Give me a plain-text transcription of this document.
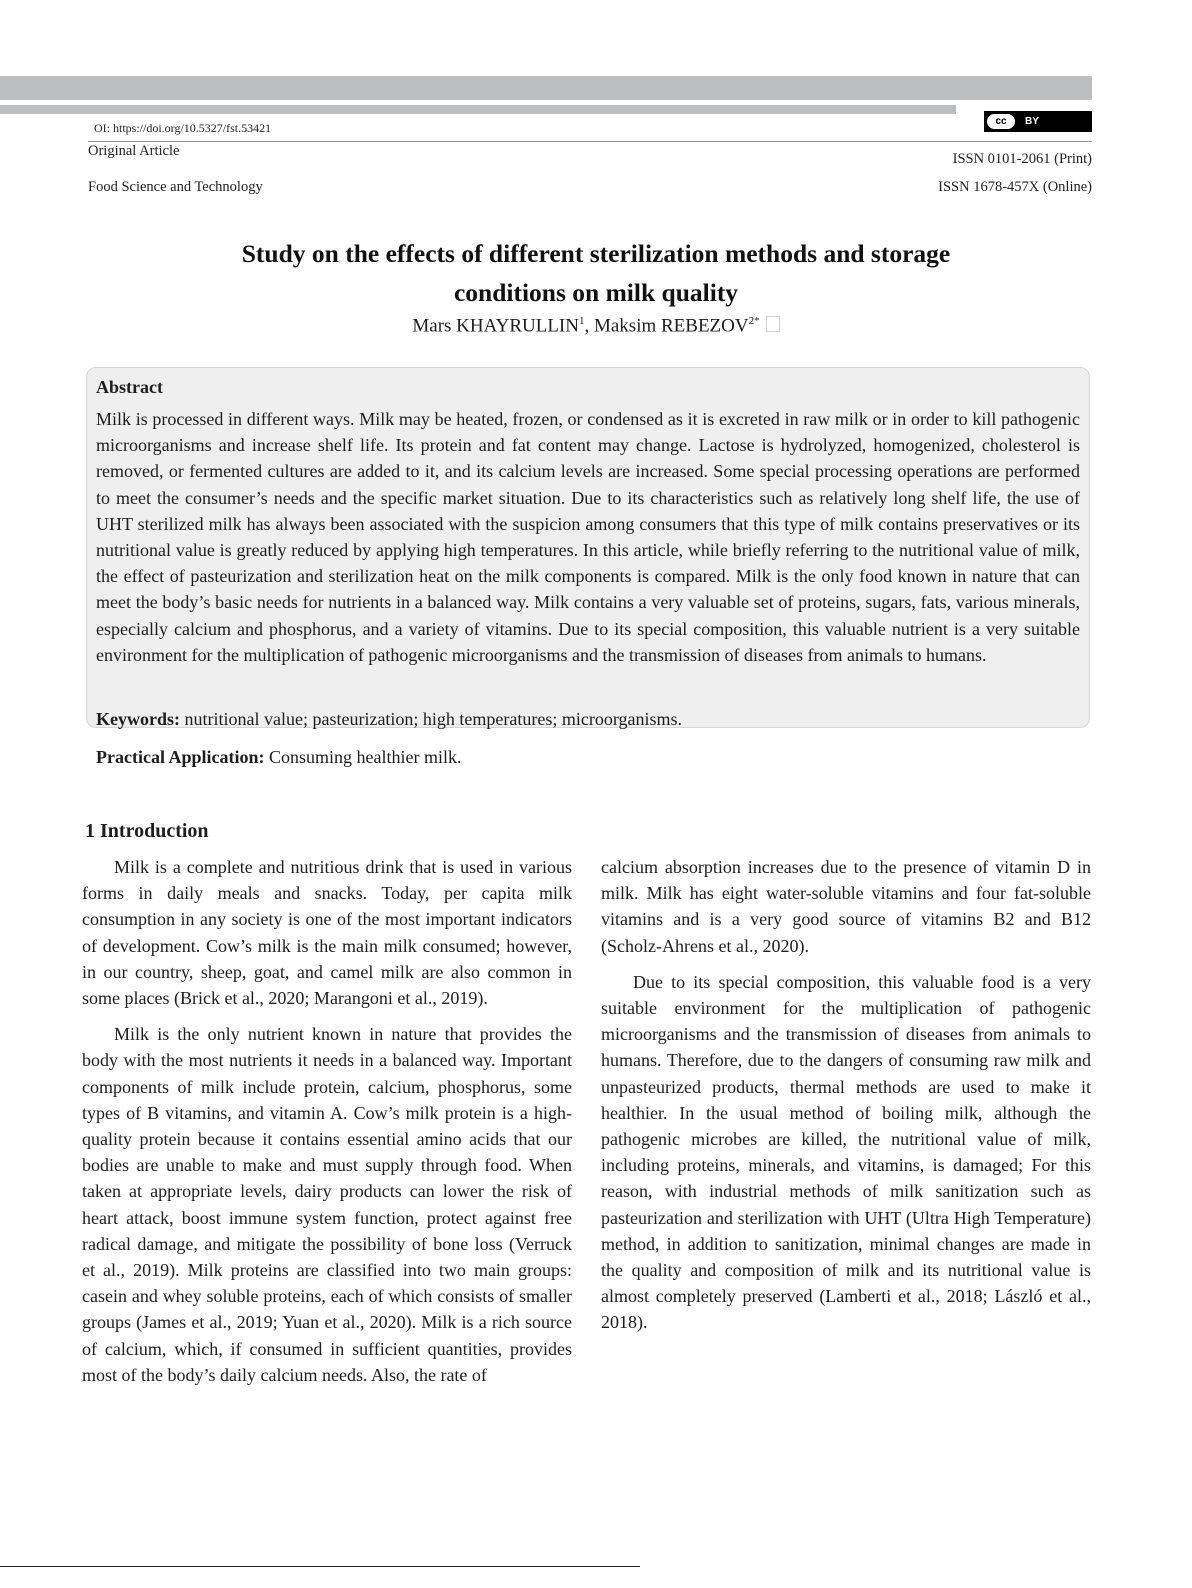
cc	BY
OI: https://doi.org/10.5327/fst.53421
Original Article
Food Science and Technology
ISSN 0101-2061 (Print)
ISSN 1678-457X (Online)
Study on the effects of different sterilization methods and storage
conditions on milk quality
Mars KHAYRULLIN$^1$, Maksim $REBEZOV^{2*}$
Abstract

Milk is processed in different ways. Milk may be heated, frozen, or condensed as it is excreted in raw milk or in order to kill pathogenic microorganisms and increase shelf life. Its protein and fat content may change. Lactose is hydrolyzed, homogenized, cholesterol is removed, or fermented cultures are added to it, and its calcium levels are increased. Some special processing operations are performed to meet the consumer’s needs and the specific market situation. Due to its characteristics such as relatively long shelf life, the use of UHT sterilized milk has always been associated with the suspicion among consumers that this type of milk contains preservatives or its nutritional value is greatly reduced by applying high temperatures. In this article, while briefly referring to the nutritional value of milk, the effect of pasteurization and sterilization heat on the milk components is compared. Milk is the only food known in nature that can meet the body’s basic needs for nutrients in a balanced way. Milk contains a very valuable set of proteins, sugars, fats, various minerals, especially calcium and phosphorus, and a variety of vitamins. Due to its special composition, this valuable nutrient is a very suitable environment for the multiplication of pathogenic microorganisms and the transmission of diseases from animals to humans.

Keywords: nutritional value; pasteurization; high temperatures; microorganisms.
Practical Application: Consuming healthier milk.
1 Introduction

Milk is a complete and nutritious drink that is used in various forms in daily meals and snacks. Today, per capita milk consumption in any society is one of the most important indicators of development. Cow’s milk is the main milk consumed; however, in our country, sheep, goat, and camel milk are also common in some places (Brick et al., 2020; Marangoni et al., 2019).

Milk is the only nutrient known in nature that provides the body with the most nutrients it needs in a balanced way. Important components of milk include protein, calcium, phosphorus, some types of B vitamins, and vitamin A. Cow’s milk protein is a high-quality protein because it contains essential amino acids that our bodies are unable to make and must supply through food. When taken at appropriate levels, dairy products can lower the risk of heart attack, boost immune system function, protect against free radical damage, and mitigate the possibility of bone loss (Verruck et al., 2019). Milk proteins are classified into two main groups: casein and whey soluble proteins, each of which consists of smaller groups (James et al., 2019; Yuan et al., 2020). Milk is a rich source of calcium, which, if consumed in sufficient quantities, provides most of the body’s daily calcium needs. Also, the rate of

calcium absorption increases due to the presence of vitamin D in milk. Milk has eight water-soluble vitamins and four fat-soluble vitamins and is a very good source of vitamins B2 and B12 (Scholz-Ahrens et al., 2020).

Due to its special composition, this valuable food is a very suitable environment for the multiplication of pathogenic microorganisms and the transmission of diseases from animals to humans. Therefore, due to the dangers of consuming raw milk and unpasteurized products, thermal methods are used to make it healthier. In the usual method of boiling milk, although the pathogenic microbes are killed, the nutritional value of milk, including proteins, minerals, and vitamins, is damaged; For this reason, with industrial methods of milk sanitization such as pasteurization and sterilization with UHT (Ultra High Temperature) method, in addition to sanitization, minimal changes are made in the quality and composition of milk and its nutritional value is almost completely preserved (Lamberti et al., 2018; László et al., 2018).
